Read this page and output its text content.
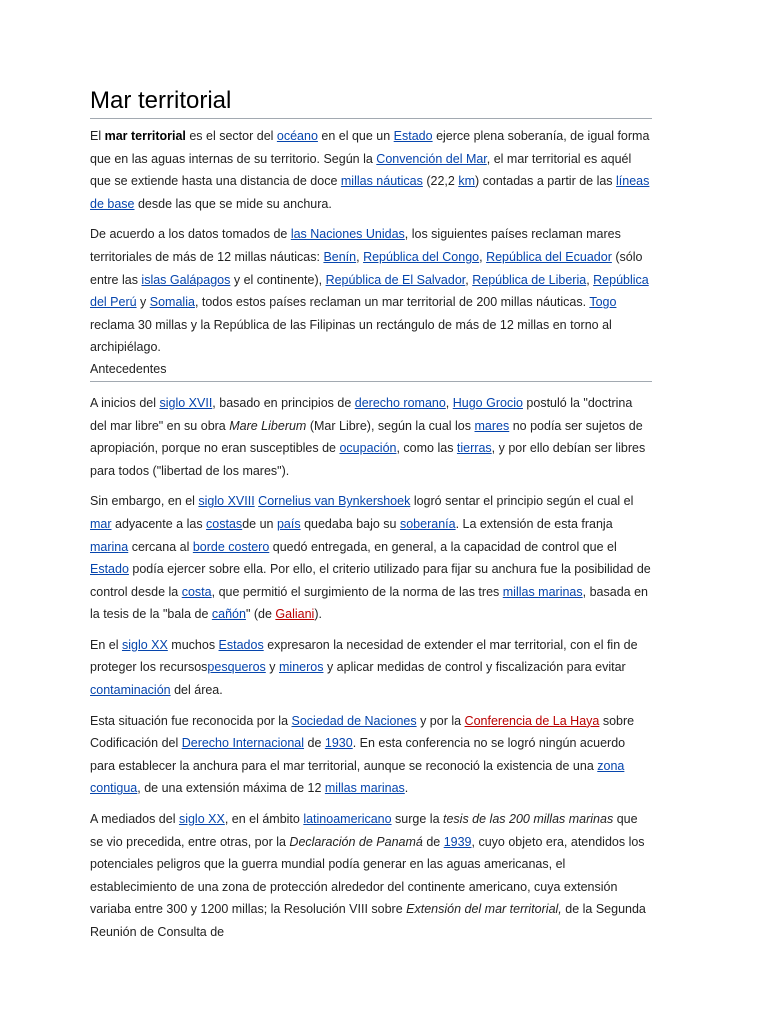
Mar territorial

El mar territorial es el sector del océano en el que un Estado ejerce plena soberanía, de igual forma que en las aguas internas de su territorio. Según la Convención del Mar, el mar territorial es aquél que se extiende hasta una distancia de doce millas náuticas (22,2 km) contadas a partir de las líneas de base desde las que se mide su anchura.

De acuerdo a los datos tomados de las Naciones Unidas, los siguientes países reclaman mares territoriales de más de 12 millas náuticas: Benín, República del Congo, República del Ecuador (sólo entre las islas Galápagos y el continente), República de El Salvador, República de Liberia, República del Perú y Somalia, todos estos países reclaman un mar territorial de 200 millas náuticas. Togo reclama 30 millas y la República de las Filipinas un rectángulo de más de 12 millas en torno al archipiélago.

Antecedentes

A inicios del siglo XVII, basado en principios de derecho romano, Hugo Grocio postuló la "doctrina del mar libre" en su obra Mare Liberum (Mar Libre), según la cual los mares no podía ser sujetos de apropiación, porque no eran susceptibles de ocupación, como las tierras, y por ello debían ser libres para todos ("libertad de los mares").

Sin embargo, en el siglo XVIII Cornelius van Bynkershoek logró sentar el principio según el cual el mar adyacente a las costasde un país quedaba bajo su soberanía. La extensión de esta franja marina cercana al borde costero quedó entregada, en general, a la capacidad de control que el Estado podía ejercer sobre ella. Por ello, el criterio utilizado para fijar su anchura fue la posibilidad de control desde la costa, que permitió el surgimiento de la norma de las tres millas marinas, basada en la tesis de la "bala de cañón" (de Galiani).

En el siglo XX muchos Estados expresaron la necesidad de extender el mar territorial, con el fin de proteger los recursospesqueros y mineros y aplicar medidas de control y fiscalización para evitar contaminación del área.

Esta situación fue reconocida por la Sociedad de Naciones y por la Conferencia de La Haya sobre Codificación del Derecho Internacional de 1930. En esta conferencia no se logró ningún acuerdo para establecer la anchura para el mar territorial, aunque se reconoció la existencia de una zona contigua, de una extensión máxima de 12 millas marinas.

A mediados del siglo XX, en el ámbito latinoamericano surge la tesis de las 200 millas marinas que se vio precedida, entre otras, por la Declaración de Panamá de 1939, cuyo objeto era, atendidos los potenciales peligros que la guerra mundial podía generar en las aguas americanas, el establecimiento de una zona de protección alrededor del continente americano, cuya extensión variaba entre 300 y 1200 millas; la Resolución VIII sobre Extensión del mar territorial, de la Segunda Reunión de Consulta de
